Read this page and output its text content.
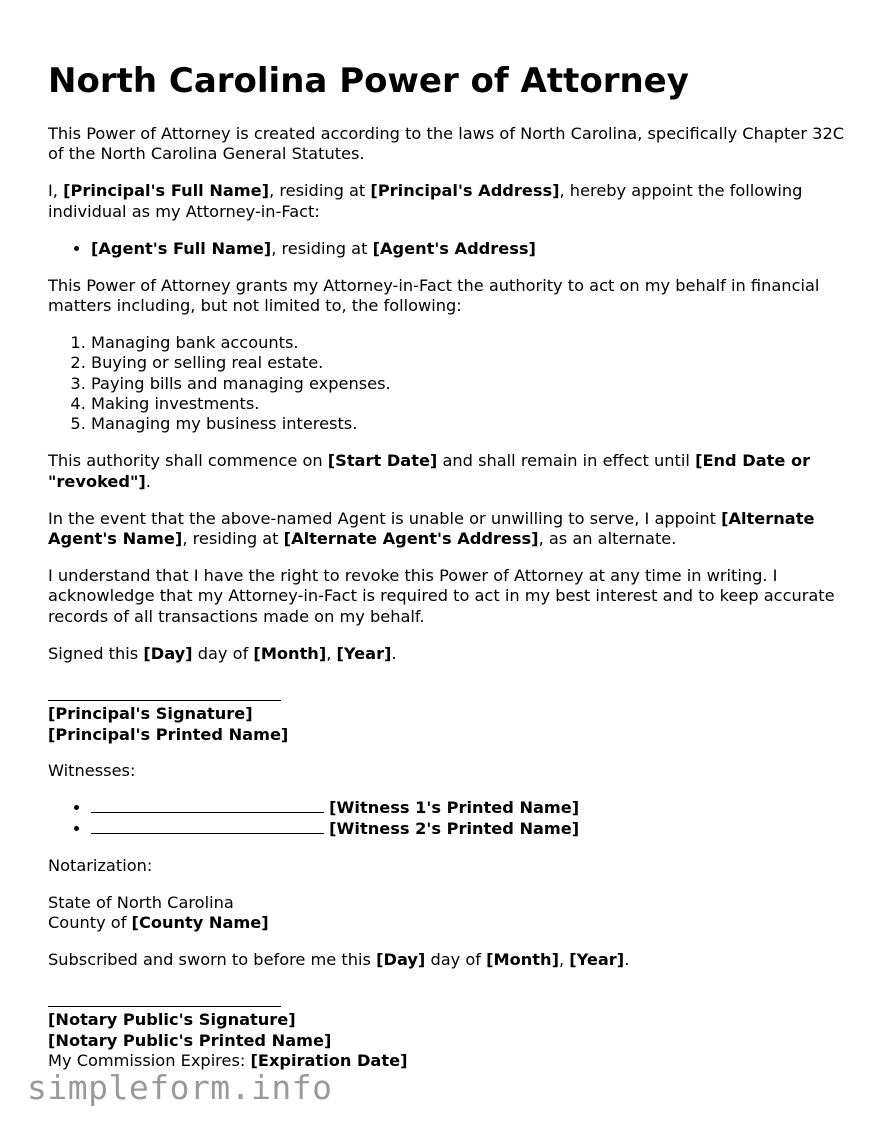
North Carolina Power of Attorney

This Power of Attorney is created according to the laws of North Carolina, specifically Chapter 32C of the North Carolina General Statutes.

I, [Principal's Full Name], residing at [Principal's Address], hereby appoint the following individual as my Attorney-in-Fact:

• [Agent's Full Name], residing at [Agent's Address]

This Power of Attorney grants my Attorney-in-Fact the authority to act on my behalf in financial matters including, but not limited to, the following:

1. Managing bank accounts.
2. Buying or selling real estate.
3. Paying bills and managing expenses.
4. Making investments.
5. Managing my business interests.

This authority shall commence on [Start Date] and shall remain in effect until [End Date or "revoked"].

In the event that the above-named Agent is unable or unwilling to serve, I appoint [Alternate Agent's Name], residing at [Alternate Agent's Address], as an alternate.

I understand that I have the right to revoke this Power of Attorney at any time in writing. I acknowledge that my Attorney-in-Fact is required to act in my best interest and to keep accurate records of all transactions made on my behalf.

Signed this [Day] day of [Month], [Year].

[Principal's Signature]
[Principal's Printed Name]

Witnesses:

• [Witness 1's Printed Name]
• [Witness 2's Printed Name]

Notarization:

State of North Carolina
County of [County Name]

Subscribed and sworn to before me this [Day] day of [Month], [Year].

[Notary Public's Signature]
[Notary Public's Printed Name]
My Commission Expires: [Expiration Date]
simpleform.info
